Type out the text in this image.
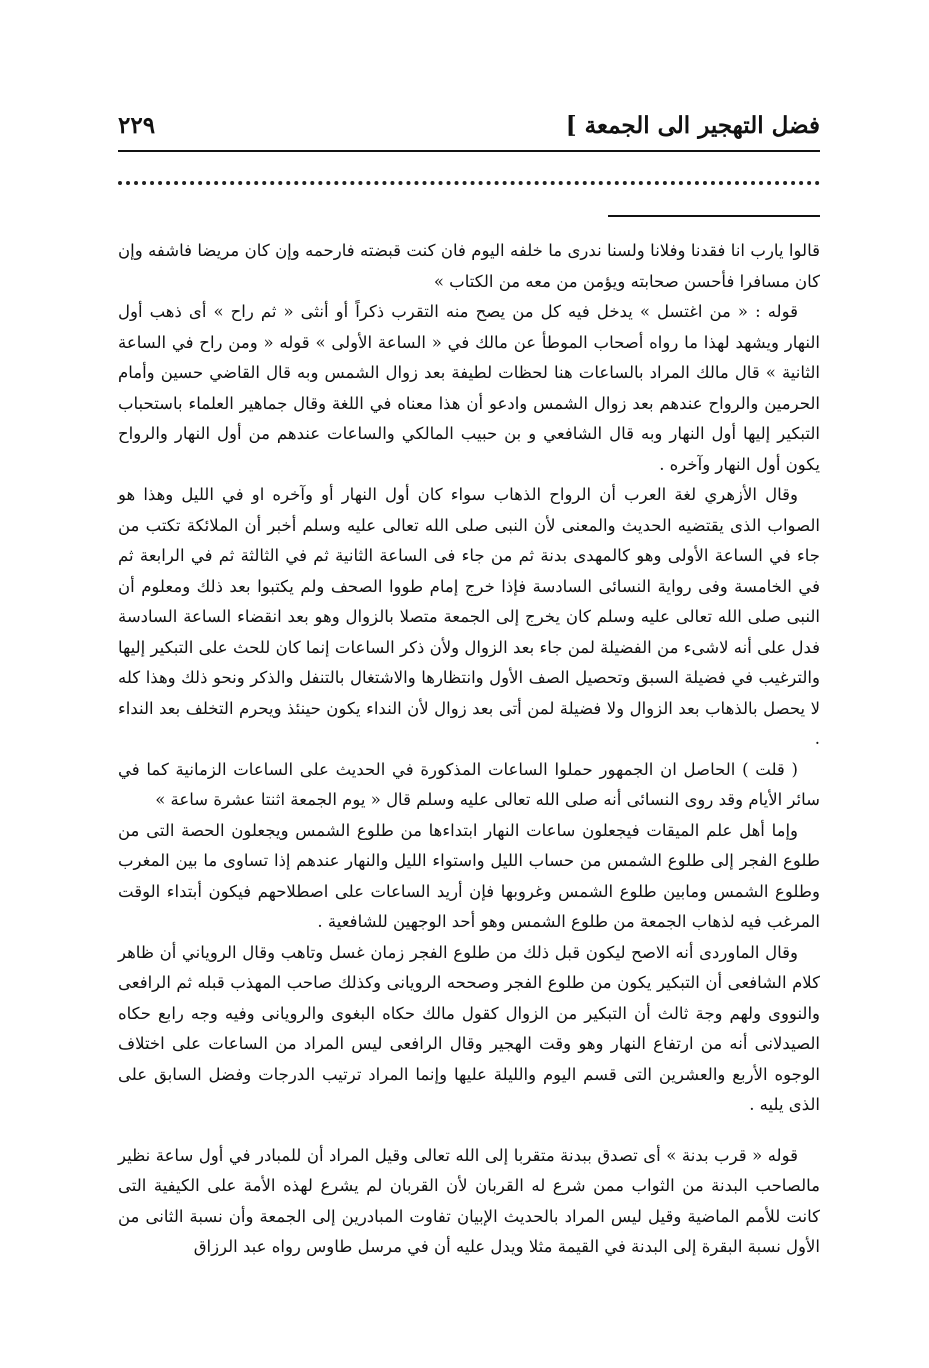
فضل التهجير الى الجمعة ]
٢٢٩

قالوا يارب انا فقدنا وفلانا ولسنا ندرى ما خلفه اليوم فان كنت قبضته فارحمه وإن كان مريضا فاشفه وإن كان مسافرا فأحسن صحابته ويؤمن من معه من الكتاب »

قوله : « من اغتسل » يدخل فيه كل من يصح منه التقرب ذكراً أو أنثى « ثم راح » أى ذهب أول النهار ويشهد لهذا ما رواه أصحاب الموطأ عن مالك في « الساعة الأولى » قوله « ومن راح في الساعة الثانية » قال مالك المراد بالساعات هنا لحظات لطيفة بعد زوال الشمس وبه قال القاضي حسين وأمام الحرمين والرواح عندهم بعد زوال الشمس وادعو أن هذا معناه في اللغة وقال جماهير العلماء باستحباب التبكير إليها أول النهار وبه قال الشافعي و بن حبيب المالكي والساعات عندهم من أول النهار والرواح يكون أول النهار وآخره .

وقال الأزهري لغة العرب أن الرواح الذهاب سواء كان أول النهار أو وآخره او في الليل وهذا هو الصواب الذى يقتضيه الحديث والمعنى لأن النبى صلى الله تعالى عليه وسلم أخبر أن الملائكة تكتب من جاء في الساعة الأولى وهو كالمهدى بدنة ثم من جاء فى الساعة الثانية ثم في الثالثة ثم في الرابعة ثم في الخامسة وفى رواية النسائى السادسة فإذا خرج إمام طووا الصحف ولم يكتبوا بعد ذلك ومعلوم أن النبى صلى الله تعالى عليه وسلم كان يخرج إلى الجمعة متصلا بالزوال وهو بعد انقضاء الساعة السادسة فدل على أنه لاشىء من الفضيلة لمن جاء بعد الزوال ولأن ذكر الساعات إنما كان للحث على التبكير إليها والترغيب في فضيلة السبق وتحصيل الصف الأول وانتظارها والاشتغال بالتنفل والذكر ونحو ذلك وهذا كله لا يحصل بالذهاب بعد الزوال ولا فضيلة لمن أتى بعد زوال لأن النداء يكون حينئذ ويحرم التخلف بعد النداء .

( قلت ) الحاصل ان الجمهور حملوا الساعات المذكورة في الحديث على الساعات الزمانية كما في سائر الأيام وقد روى النسائى أنه صلى الله تعالى عليه وسلم قال « يوم الجمعة اثنتا عشرة ساعة »

وإما أهل علم الميقات فيجعلون ساعات النهار ابتداءها من طلوع الشمس ويجعلون الحصة التى من طلوع الفجر إلى طلوع الشمس من حساب الليل واستواء الليل والنهار عندهم إذا تساوى ما بين المغرب وطلوع الشمس ومابين طلوع الشمس وغروبها فإن أريد الساعات على اصطلاحهم فيكون أبتداء الوقت المرغب فيه لذهاب الجمعة من طلوع الشمس وهو أحد الوجهين للشافعية .

وقال الماوردى أنه الاصح ليكون قبل ذلك من طلوع الفجر زمان غسل وتاهب وقال الروياني أن ظاهر كلام الشافعى أن التبكير يكون من طلوع الفجر وصححه الرويانى وكذلك صاحب المهذب قبله ثم الرافعى والنووى ولهم وجة ثالث أن التبكير من الزوال كقول مالك حكاه البغوى والرويانى وفيه وجه رابع حكاه الصيدلانى أنه من ارتفاع النهار وهو وقت الهجير وقال الرافعى ليس المراد من الساعات على اختلاف الوجوه الأربع والعشرين التى قسم اليوم والليلة عليها وإنما المراد ترتيب الدرجات وفضل السابق على الذى يليه .

قوله « قرب بدنة » أى تصدق ببدنة متقربا إلى الله تعالى وقيل المراد أن للمبادر في أول ساعة نظير مالصاحب البدنة من الثواب ممن شرع له القربان لأن القربان لم يشرع لهذه الأمة على الكيفية التى كانت للأمم الماضية وقيل ليس المراد بالحديث الإبيان تفاوت المبادرين إلى الجمعة وأن نسبة الثانى من الأول نسبة البقرة إلى البدنة في القيمة مثلا ويدل عليه أن في مرسل طاوس رواه عبد الرزاق
